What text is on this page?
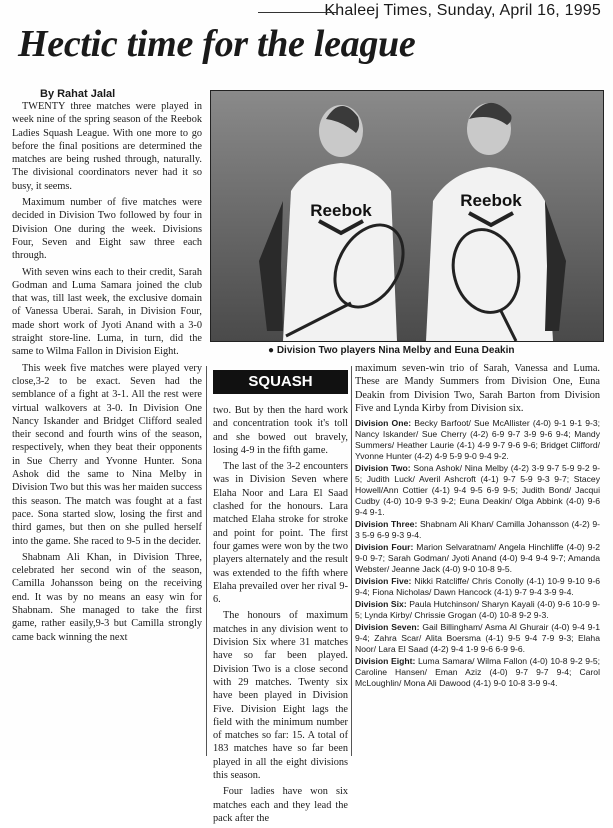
Khaleej Times, Sunday, April 16, 1995
Hectic time for the league
By Rahat Jalal

TWENTY three matches were played in week nine of the spring season of the Reebok Ladies Squash League. With one more to go before the final positions are determined the matches are being rushed through, naturally. The divisional coordinators never had it so busy, it seems.

Maximum number of five matches were decided in Division Two followed by four in Division One during the week. Divisions Four, Seven and Eight saw three each through.

With seven wins each to their credit, Sarah Godman and Luma Samara joined the club that was, till last week, the exclusive domain of Vanessa Uberai. Sarah, in Division Four, made short work of Jyoti Anand with a 3-0 straight store-line. Luma, in turn, did the same to Wilma Fallon in Division Eight.

This week five matches were played very close,3-2 to be exact. Seven had the semblance of a fight at 3-1. All the rest were virtual walkovers at 3-0. In Division One Nancy Iskander and Bridget Clifford sealed their second and fourth wins of the season, respectively, when they beat their opponents in Sue Cherry and Yvonne Hunter. Sona Ashok did the same to Nina Melby in Division Two but this was her maiden success this season. The match was fought at a fast pace. Sona started slow, losing the first and third games, but then on she pulled herself into the game. She raced to 9-5 in the decider.

Shabnam Ali Khan, in Division Three, celebrated her second win of the season, Camilla Johansson being on the receiving end. It was by no means an easy win for Shabnam. She managed to take the first game, rather easily,9-3 but Camilla strongly came back winning the next

Reebok
Reebok
● Division Two players Nina Melby and Euna Deakin
SQUASH

two. But by then the hard work and concentration took it's toll and she bowed out bravely, losing 4-9 in the fifth game.

The last of the 3-2 encounters was in Division Seven where Elaha Noor and Lara El Saad clashed for the honours. Lara matched Elaha stroke for stroke and point for point. The first four games were won by the two players alternately and the result was extended to the fifth where Elaha prevailed over her rival 9-6.

The honours of maximum matches in any division went to Division Six where 31 matches have so far been played. Division Two is a close second with 29 matches. Twenty six have been played in Division Five. Division Eight lags the field with the minimum number of matches so far: 15. A total of 183 matches have so far been played in all the eight divisions this season.

Four ladies have won six matches each and they lead the pack after the

maximum seven-win trio of Sarah, Vanessa and Luma. These are Mandy Summers from Division One, Euna Deakin from Division Two, Sarah Barton from Division Five and Lynda Kirby from Division six.

Division One: Becky Barfoot/ Sue McAllister (4-0) 9-1 9-1 9-3; Nancy Iskander/ Sue Cherry (4-2) 6-9 9-7 3-9 9-6 9-4; Mandy Summers/ Heather Laurie (4-1) 4-9 9-7 9-6 9-6; Bridget Clifford/ Yvonne Hunter (4-2) 4-9 5-9 9-0 9-4 9-2.
Division Two: Sona Ashok/ Nina Melby (4-2) 3-9 9-7 5-9 9-2 9-5; Judith Luck/ Averil Ashcroft (4-1) 9-7 5-9 9-3 9-7; Stacey Howell/Ann Cottier (4-1) 9-4 9-5 6-9 9-5; Judith Bond/ Jacqui Cudby (4-0) 10-9 9-3 9-2; Euna Deakin/ Olga Abbink (4-0) 9-6 9-4 9-1.
Division Three: Shabnam Ali Khan/ Camilla Johansson (4-2) 9-3 5-9 6-9 9-3 9-4.
Division Four: Marion Selvaratnam/ Angela Hinchliffe (4-0) 9-2 9-0 9-7; Sarah Godman/ Jyoti Anand (4-0) 9-4 9-4 9-7; Amanda Webster/ Jeanne Jack (4-0) 9-0 10-8 9-5.
Division Five: Nikki Ratcliffe/ Chris Conolly (4-1) 10-9 9-10 9-6 9-4; Fiona Nicholas/ Dawn Hancock (4-1) 9-7 9-4 3-9 9-4.
Division Six: Paula Hutchinson/ Sharyn Kayali (4-0) 9-6 10-9 9-5; Lynda Kirby/ Chrissie Grogan (4-0) 10-8 9-2 9-3.
Division Seven: Gail Billingham/ Asma Al Ghurair (4-0) 9-4 9-1 9-4; Zahra Scar/ Alita Boersma (4-1) 9-5 9-4 7-9 9-3; Elaha Noor/ Lara El Saad (4-2) 9-4 1-9 9-6 6-9 9-6.
Division Eight: Luma Samara/ Wilma Fallon (4-0) 10-8 9-2 9-5; Caroline Hansen/ Eman Aziz (4-0) 9-7 9-7 9-4; Carol McLoughlin/ Mona Ali Dawood (4-1) 9-0 10-8 3-9 9-4.
